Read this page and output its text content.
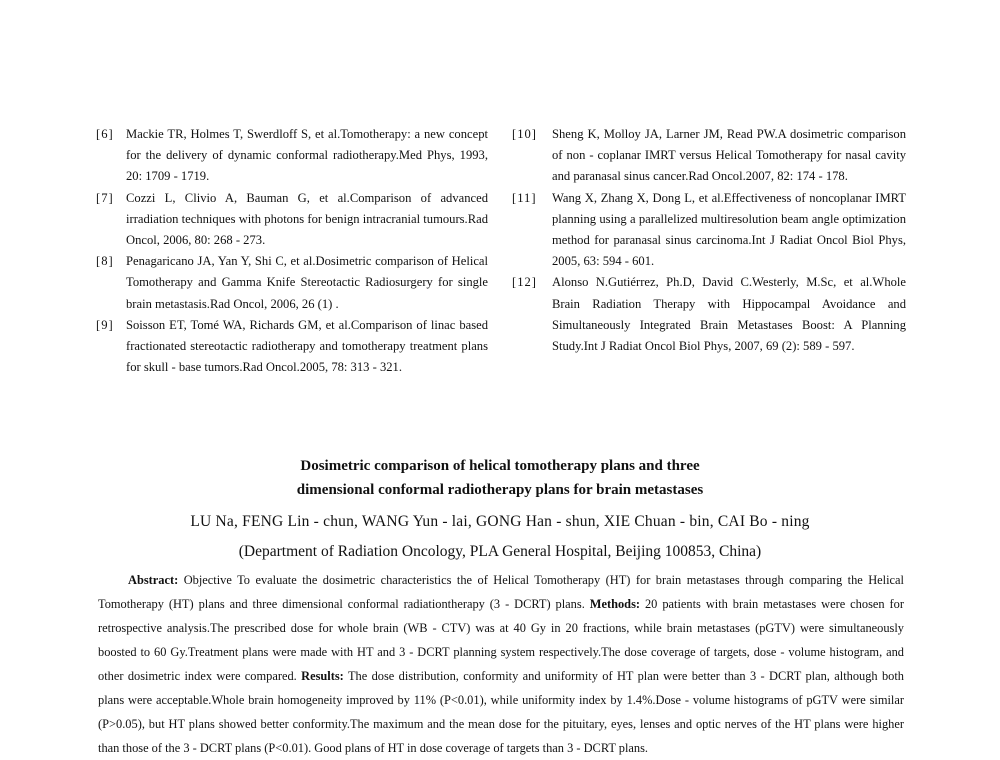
[6] Mackie TR, Holmes T, Swerdloff S, et al.Tomotherapy: a new concept for the delivery of dynamic conformal radiotherapy.Med Phys, 1993, 20: 1709 - 1719.
[7] Cozzi L, Clivio A, Bauman G, et al.Comparison of advanced irradiation techniques with photons for benign intracranial tumours.Rad Oncol, 2006, 80: 268 - 273.
[8] Penagaricano JA, Yan Y, Shi C, et al.Dosimetric comparison of Helical Tomotherapy and Gamma Knife Stereotactic Radiosurgery for single brain metastasis.Rad Oncol, 2006, 26 (1) .
[9] Soisson ET, Tomé WA, Richards GM, et al.Comparison of linac based fractionated stereotactic radiotherapy and tomotherapy treatment plans for skull - base tumors.Rad Oncol.2005, 78: 313 - 321.
[10]	Sheng K, Molloy JA, Larner JM, Read PW.A dosimetric comparison of non - coplanar IMRT versus Helical Tomotherapy for nasal cavity and paranasal sinus cancer.Rad Oncol.2007, 82: 174 - 178.
[11]	Wang X, Zhang X, Dong L, et al.Effectiveness of noncoplanar IMRT planning using a parallelized multiresolution beam angle optimization method for paranasal sinus carcinoma.Int J Radiat Oncol Biol Phys, 2005, 63: 594 - 601.
[12]	Alonso N.Gutiérrez, Ph.D, David C.Westerly, M.Sc, et al.Whole Brain Radiation Therapy with Hippocampal Avoidance and Simultaneously Integrated Brain Metastases Boost: A Planning Study.Int J Radiat Oncol Biol Phys, 2007, 69 (2): 589 - 597.
Dosimetric comparison of helical tomotherapy plans and three
dimensional conformal radiotherapy plans for brain metastases
LU Na, FENG Lin - chun, WANG Yun - lai, GONG Han - shun, XIE Chuan - bin, CAI Bo - ning
(Department of Radiation Oncology, PLA General Hospital, Beijing 100853, China)
Abstract: Objective To evaluate the dosimetric characteristics the of Helical Tomotherapy (HT) for brain metastases through comparing the Helical Tomotherapy (HT) plans and three dimensional conformal radiationtherapy (3 - DCRT) plans. Methods: 20 patients with brain metastases were chosen for retrospective analysis.The prescribed dose for whole brain (WB - CTV) was at 40 Gy in 20 fractions, while brain metastases (pGTV) were simultaneously boosted to 60 Gy.Treatment plans were made with HT and 3 - DCRT planning system respectively.The dose coverage of targets, dose - volume histogram, and other dosimetric index were compared. Results: The dose distribution, conformity and uniformity of HT plan were better than 3 - DCRT plan, although both plans were acceptable.Whole brain homogeneity improved by 11% (P<0.01), while uniformity index by 1.4%.Dose - volume histograms of pGTV were similar (P>0.05), but HT plans showed better conformity.The maximum and the mean dose for the pituitary, eyes, lenses and optic nerves of the HT plans were higher than those of the 3 - DCRT plans (P<0.01). Good plans of HT in dose coverage of targets than 3 - DCRT plans.
